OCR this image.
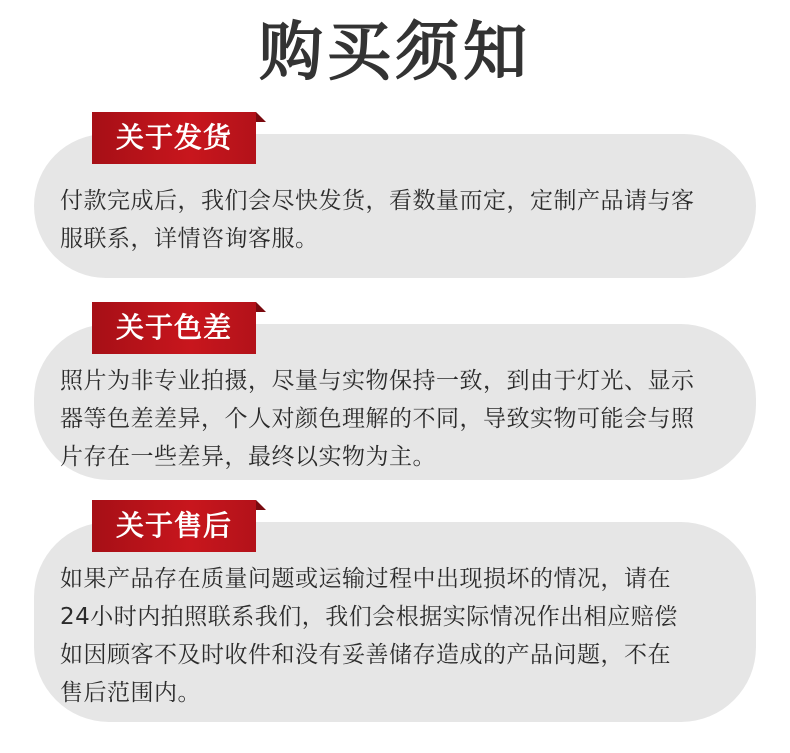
购买须知
关于发货
付款完成后，我们会尽快发货，看数量而定，定制产品请与客
服联系，详情咨询客服。
关于色差
照片为非专业拍摄，尽量与实物保持一致，到由于灯光、显示
器等色差差异，个人对颜色理解的不同，导致实物可能会与照
片存在一些差异，最终以实物为主。
关于售后
如果产品存在质量问题或运输过程中出现损坏的情况，请在
24小时内拍照联系我们，我们会根据实际情况作出相应赔偿
如因顾客不及时收件和没有妥善储存造成的产品问题，不在
售后范围内。
